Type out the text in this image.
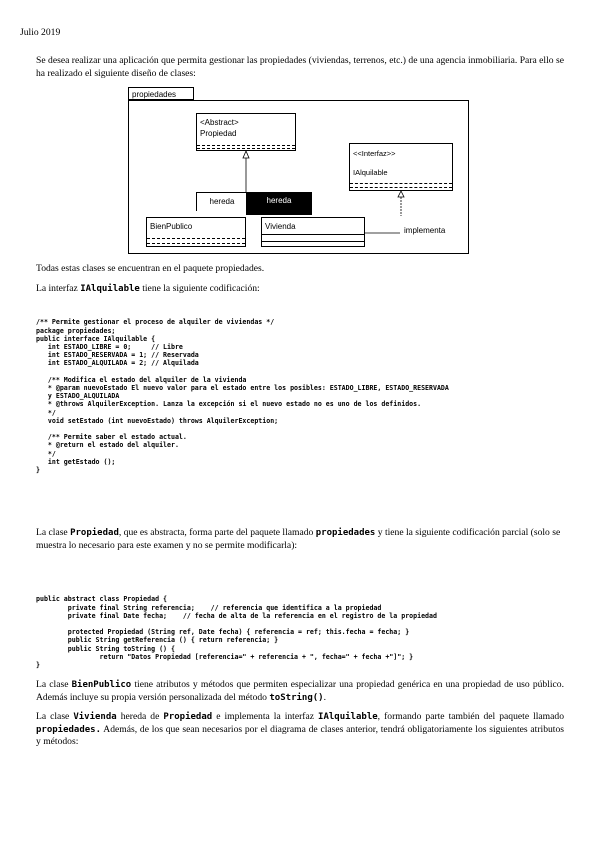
Julio 2019
Se desea realizar una aplicación que permita gestionar las propiedades (viviendas, terrenos, etc.) de una agencia inmobiliaria. Para ello se ha realizado el siguiente diseño de clases:
propiedades
<Abstract>
Propiedad
<<Interfaz>>
IAlquilable
hereda	hereda
BienPublico	Vivienda	implementa
Todas estas clases se encuentran en el paquete propiedades.
La interfaz IAlquilable tiene la siguiente codificación:

/** Permite gestionar el proceso de alquiler de viviendas */
package propiedades;
public interface IAlquilable {
int ESTADO_LIBRE = 0;     // Libre
int ESTADO_RESERVADA = 1; // Reservada
int ESTADO_ALQUILADA = 2; // Alquilada

/** Modifica el estado del alquiler de la vivienda
* @param nuevoEstado El nuevo valor para el estado entre los posibles: ESTADO_LIBRE, ESTADO_RESERVADA
y ESTADO_ALQUILADA
* @throws AlquilerException. Lanza la excepción si el nuevo estado no es uno de los definidos.
*/
void setEstado (int nuevoEstado) throws AlquilerException;

/** Permite saber el estado actual.
* @return el estado del alquiler.
*/
int getEstado ();
}

La clase Propiedad, que es abstracta, forma parte del paquete llamado propiedades y tiene la siguiente codificación parcial (solo se muestra lo necesario para este examen y no se permite modificarla):

public abstract class Propiedad {
private final String referencia;    // referencia que identifica a la propiedad
private final Date fecha;    // fecha de alta de la referencia en el registro de la propiedad

protected Propiedad (String ref, Date fecha) { referencia = ref; this.fecha = fecha; }
public String getReferencia () { return referencia; }
public String toString () {
return "Datos Propiedad [referencia=" + referencia + ", fecha=" + fecha +"]"; }
}

La clase BienPublico tiene atributos y métodos que permiten especializar una propiedad genérica en una propiedad de uso público. Además incluye su propia versión personalizada del método toString().
La clase Vivienda hereda de Propiedad e implementa la interfaz IAlquilable, formando parte también del paquete llamado propiedades. Además, de los que sean necesarios por el diagrama de clases anterior, tendrá obligatoriamente los siguientes atributos y métodos:
